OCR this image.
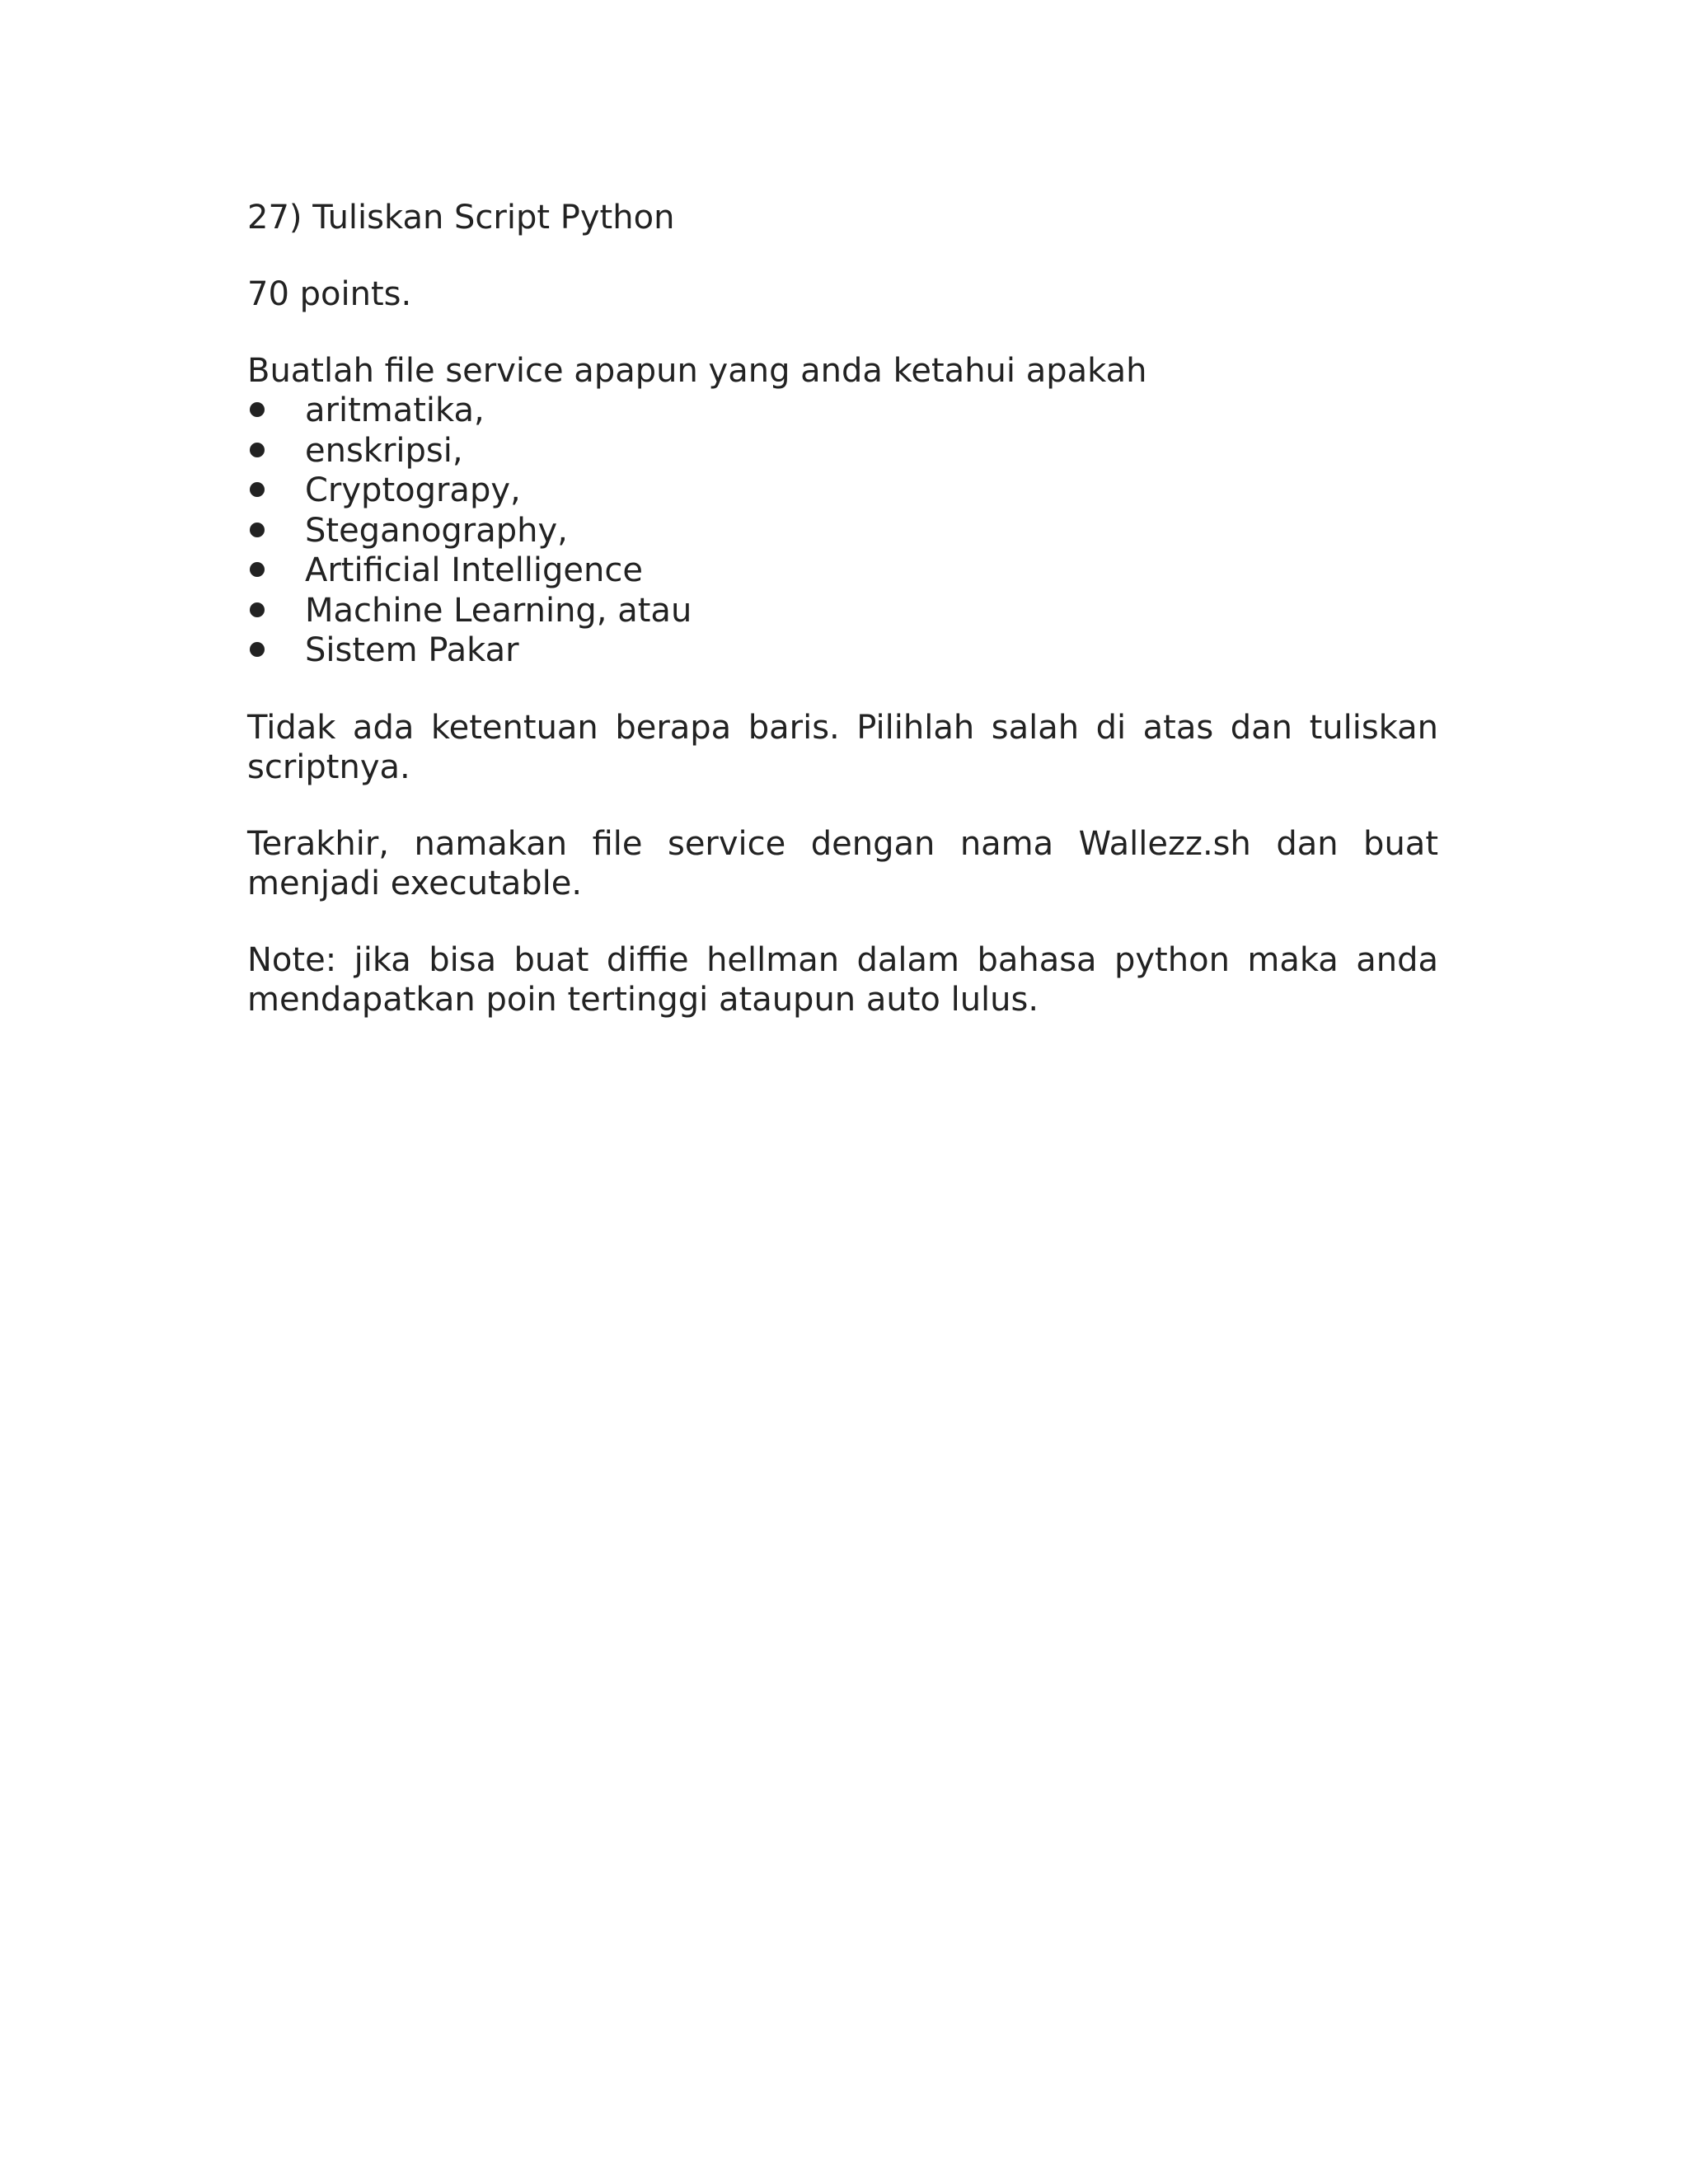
27) Tuliskan Script Python

70 points.

Buatlah file service apapun yang anda ketahui apakah

aritmatika,
enskripsi,
Cryptograpy,
Steganography,
Artificial Intelligence
Machine Learning, atau
Sistem Pakar

Tidak ada ketentuan berapa baris. Pilihlah salah di atas dan tuliskan scriptnya.

Terakhir, namakan file service dengan nama Wallezz.sh dan buat menjadi executable.

Note: jika bisa buat diffie hellman dalam bahasa python maka anda mendapatkan poin tertinggi ataupun auto lulus.
